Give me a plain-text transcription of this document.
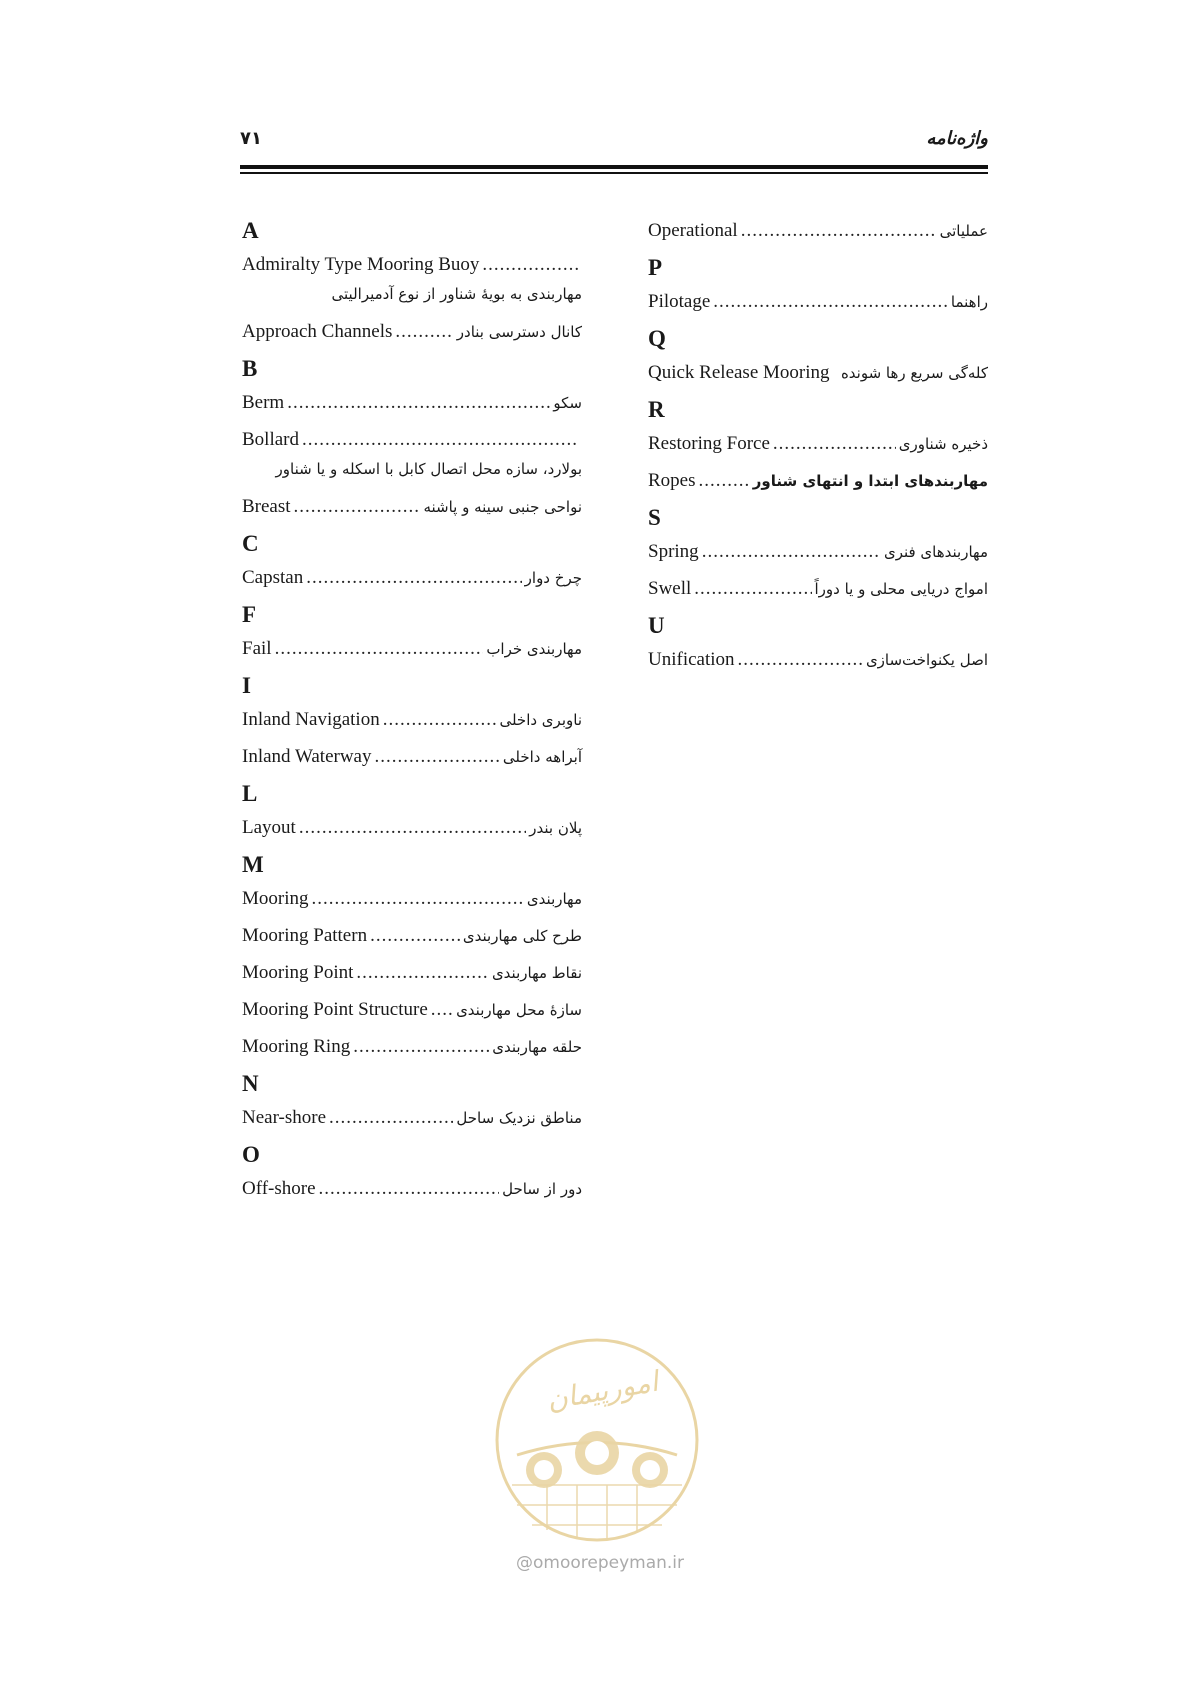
۷۱	واژه‌نامه
A
Admiralty Type Mooring Buoy
.....
مهاربندی به بویهٔ شناور از نوع آدمیرالیتی
Approach Channels .....	کانال دسترسی بنادر
B
Berm .....	سکو
Bollard
.....
بولارد، سازه محل اتصال کابل با اسکله و یا شناور
Breast .....	نواحی جنبی سینه و پاشنه
C
Capstan .....	چرخ دوار
F
Fail .....	مهاربندی خراب
I
Inland Navigation .....	ناوبری داخلی
Inland Waterway .....	آبراهه داخلی
L
Layout .....	پلان بندر
M
Mooring .....	مهاربندی
Mooring Pattern .....	طرح کلی مهاربندی
Mooring Point .....	نقاط مهاربندی
Mooring Point Structure ..... سازهٔ محل مهاربندی
Mooring Ring .....	حلقه مهاربندی
N
Near-shore .....	مناطق نزدیک ساحل
O
Off-shore .....	دور از ساحل
Operational .....	عملیاتی
P
Pilotage .....	راهنما
Q
Quick Release Mooring کله‌گی سریع رها شونده
R
Restoring Force .....	ذخیره شناوری
Ropes .....	مهاربندهای ابتدا و انتهای شناور
S
Spring .....	مهاربندهای فنری
Swell .....	امواج دریایی محلی و یا دوراً
U
Unification .....	اصل یکنواخت‌سازی
امورپیمان
@omoorepeyman.ir
